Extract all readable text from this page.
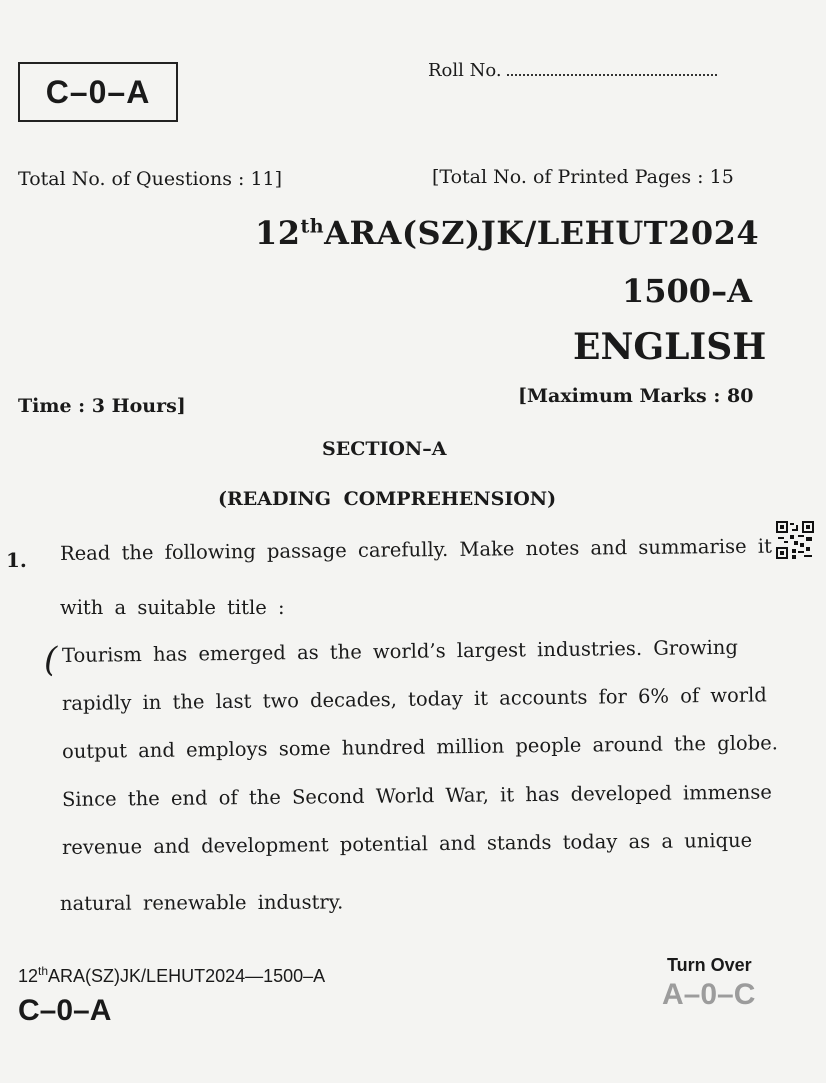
C–0–A
Roll No.
Total No. of Questions : 11]	[Total No. of Printed Pages : 15
12thARA(SZ)JK/LEHUT2024
1500–A
ENGLISH
Time : 3 Hours]	[Maximum Marks : 80
SECTION–A
(READING COMPREHENSION)
1. Read the following passage carefully. Make notes and summarise it
with a suitable title :
( Tourism has emerged as the world’s largest industries. Growing
rapidly in the last two decades, today it accounts for 6% of world
output and employs some hundred million people around the globe.
Since the end of the Second World War, it has developed immense
revenue and development potential and stands today as a unique
natural renewable industry.
12thARA(SZ)JK/LEHUT2024—1500–A
C–0–A
Turn Over
A–0–C
